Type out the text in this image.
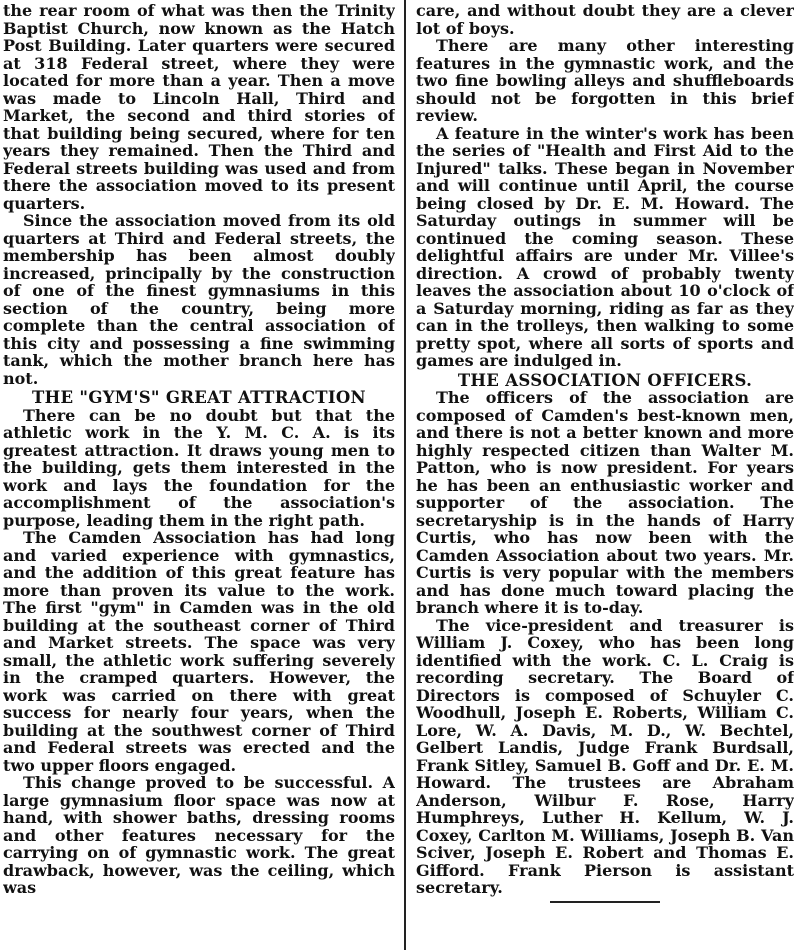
the rear room of what was then the Trinity Baptist Church, now known as the Hatch Post Building. Later quarters were secured at 318 Federal street, where they were located for more than a year. Then a move was made to Lincoln Hall, Third and Market, the second and third stories of that building being secured, where for ten years they remained. Then the Third and Federal streets building was used and from there the association moved to its present quarters.

Since the association moved from its old quarters at Third and Federal streets, the membership has been almost doubly increased, principally by the construction of one of the finest gymnasiums in this section of the country, being more complete than the central association of this city and possessing a fine swimming tank, which the mother branch here has not.

THE "GYM'S" GREAT ATTRACTION

There can be no doubt but that the athletic work in the Y. M. C. A. is its greatest attraction. It draws young men to the building, gets them interested in the work and lays the foundation for the accomplishment of the association's purpose, leading them in the right path.

The Camden Association has had long and varied experience with gymnastics, and the addition of this great feature has more than proven its value to the work. The first "gym" in Camden was in the old building at the southeast corner of Third and Market streets. The space was very small, the athletic work suffering severely in the cramped quarters. However, the work was carried on there with great success for nearly four years, when the building at the southwest corner of Third and Federal streets was erected and the two upper floors engaged.

This change proved to be successful. A large gymnasium floor space was now at hand, with shower baths, dressing rooms and other features necessary for the carrying on of gymnastic work. The great drawback, however, was the ceiling, which was

care, and without doubt they are a clever lot of boys.

There are many other interesting features in the gymnastic work, and the two fine bowling alleys and shuffleboards should not be forgotten in this brief review.

A feature in the winter's work has been the series of "Health and First Aid to the Injured" talks. These began in November and will continue until April, the course being closed by Dr. E. M. Howard. The Saturday outings in summer will be continued the coming season. These delightful affairs are under Mr. Villee's direction. A crowd of probably twenty leaves the association about 10 o'clock of a Saturday morning, riding as far as they can in the trolleys, then walking to some pretty spot, where all sorts of sports and games are indulged in.

THE ASSOCIATION OFFICERS.

The officers of the association are composed of Camden's best-known men, and there is not a better known and more highly respected citizen than Walter M. Patton, who is now president. For years he has been an enthusiastic worker and supporter of the association. The secretaryship is in the hands of Harry Curtis, who has now been with the Camden Association about two years. Mr. Curtis is very popular with the members and has done much toward placing the branch where it is to-day.

The vice-president and treasurer is William J. Coxey, who has been long identified with the work. C. L. Craig is recording secretary. The Board of Directors is composed of Schuyler C. Woodhull, Joseph E. Roberts, William C. Lore, W. A. Davis, M. D., W. Bechtel, Gelbert Landis, Judge Frank Burdsall, Frank Sitley, Samuel B. Goff and Dr. E. M. Howard. The trustees are Abraham Anderson, Wilbur F. Rose, Harry Humphreys, Luther H. Kellum, W. J. Coxey, Carlton M. Williams, Joseph B. Van Sciver, Joseph E. Robert and Thomas E. Gifford. Frank Pierson is assistant secretary.
